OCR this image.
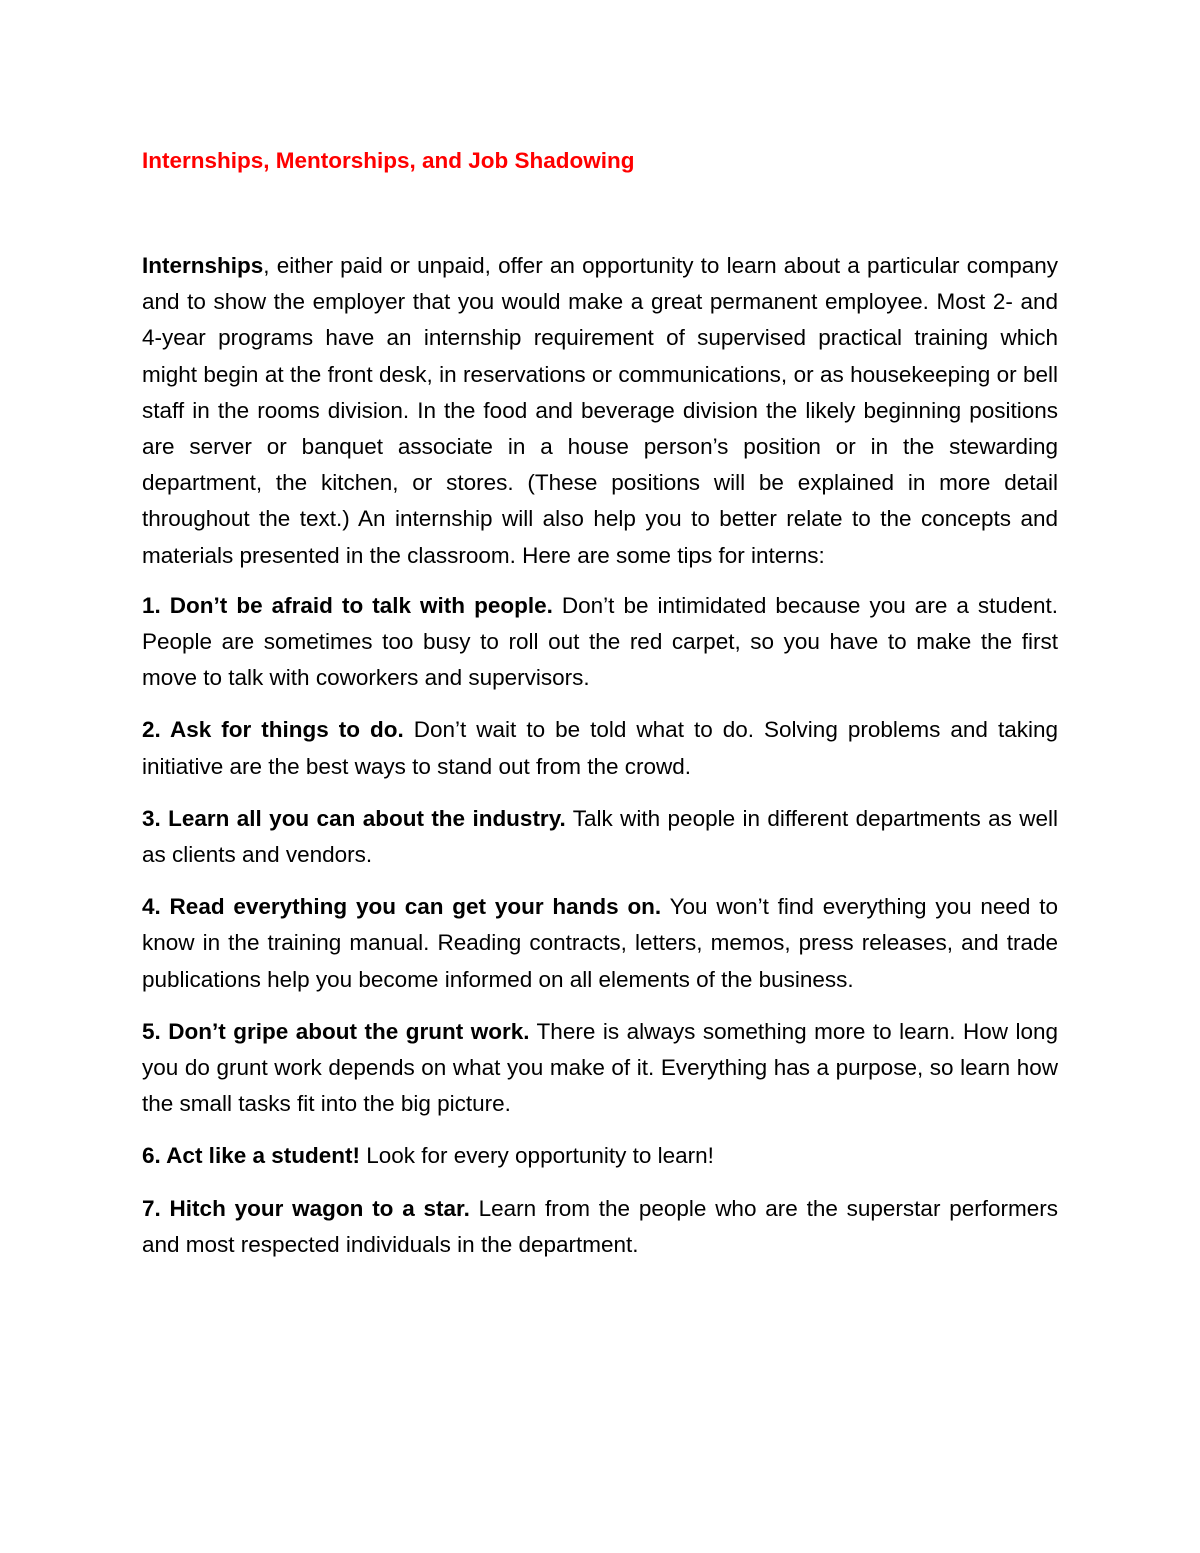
Internships, Mentorships, and Job Shadowing

Internships, either paid or unpaid, offer an opportunity to learn about a particular company and to show the employer that you would make a great permanent employee. Most 2- and 4-year programs have an internship requirement of supervised practical training which might begin at the front desk, in reservations or communications, or as housekeeping or bell staff in the rooms division. In the food and beverage division the likely beginning positions are server or banquet associate in a house person’s position or in the stewarding department, the kitchen, or stores. (These positions will be explained in more detail throughout the text.) An internship will also help you to better relate to the concepts and materials presented in the classroom. Here are some tips for interns:

1. Don’t be afraid to talk with people. Don’t be intimidated because you are a student. People are sometimes too busy to roll out the red carpet, so you have to make the first move to talk with coworkers and supervisors.

2. Ask for things to do. Don’t wait to be told what to do. Solving problems and taking initiative are the best ways to stand out from the crowd.

3. Learn all you can about the industry. Talk with people in different departments as well as clients and vendors.

4. Read everything you can get your hands on. You won’t find everything you need to know in the training manual. Reading contracts, letters, memos, press releases, and trade publications help you become informed on all elements of the business.

5. Don’t gripe about the grunt work. There is always something more to learn. How long you do grunt work depends on what you make of it. Everything has a purpose, so learn how the small tasks fit into the big picture.

6. Act like a student! Look for every opportunity to learn!

7. Hitch your wagon to a star. Learn from the people who are the superstar performers and most respected individuals in the department.
